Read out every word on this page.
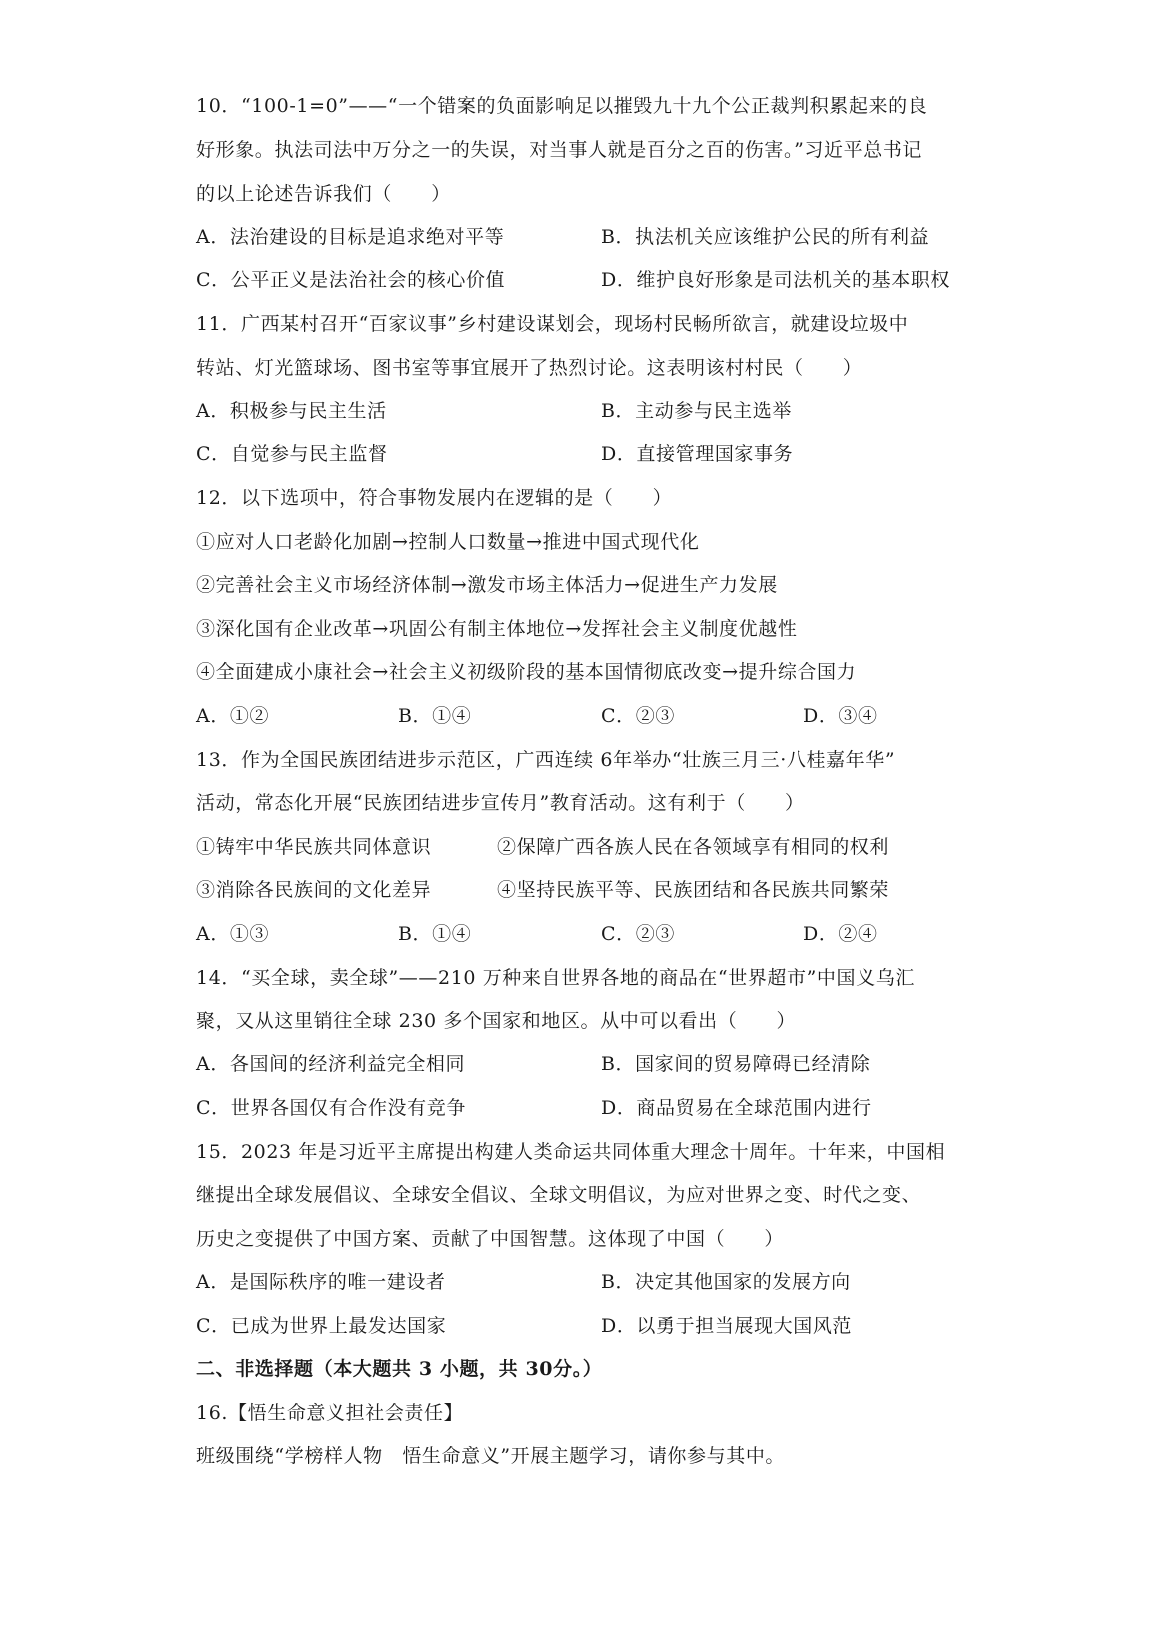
10．“100-1=0”——“一个错案的负面影响足以摧毁九十九个公正裁判积累起来的良
好形象。执法司法中万分之一的失误，对当事人就是百分之百的伤害。”习近平总书记
的以上论述告诉我们（　　）
A．法治建设的目标是追求绝对平等	B．执法机关应该维护公民的所有利益
C．公平正义是法治社会的核心价值	D．维护良好形象是司法机关的基本职权
11．广西某村召开“百家议事”乡村建设谋划会，现场村民畅所欲言，就建设垃圾中
转站、灯光篮球场、图书室等事宜展开了热烈讨论。这表明该村村民（　　）
A．积极参与民主生活	B．主动参与民主选举
C．自觉参与民主监督	D．直接管理国家事务
12．以下选项中，符合事物发展内在逻辑的是（　　）
①应对人口老龄化加剧→控制人口数量→推进中国式现代化
②完善社会主义市场经济体制→激发市场主体活力→促进生产力发展
③深化国有企业改革→巩固公有制主体地位→发挥社会主义制度优越性
④全面建成小康社会→社会主义初级阶段的基本国情彻底改变→提升综合国力
A．①②	B．①④	C．②③	D．③④
13．作为全国民族团结进步示范区，广西连续 6年举办“壮族三月三·八桂嘉年华”
活动，常态化开展“民族团结进步宣传月”教育活动。这有利于（　　）
①铸牢中华民族共同体意识	②保障广西各族人民在各领域享有相同的权利
③消除各民族间的文化差异	④坚持民族平等、民族团结和各民族共同繁荣
A．①③	B．①④	C．②③	D．②④
14．“买全球，卖全球”——210 万种来自世界各地的商品在“世界超市”中国义乌汇
聚，又从这里销往全球 230 多个国家和地区。从中可以看出（　　）
A．各国间的经济利益完全相同	B．国家间的贸易障碍已经清除
C．世界各国仅有合作没有竞争	D．商品贸易在全球范围内进行
15．2023 年是习近平主席提出构建人类命运共同体重大理念十周年。十年来，中国相
继提出全球发展倡议、全球安全倡议、全球文明倡议，为应对世界之变、时代之变、
历史之变提供了中国方案、贡献了中国智慧。这体现了中国（　　）
A．是国际秩序的唯一建设者	B．决定其他国家的发展方向
C．已成为世界上最发达国家	D．以勇于担当展现大国风范
二、非选择题（本大题共 3 小题，共 30分。）
16.【悟生命意义担社会责任】
班级围绕“学榜样人物　悟生命意义”开展主题学习，请你参与其中。
